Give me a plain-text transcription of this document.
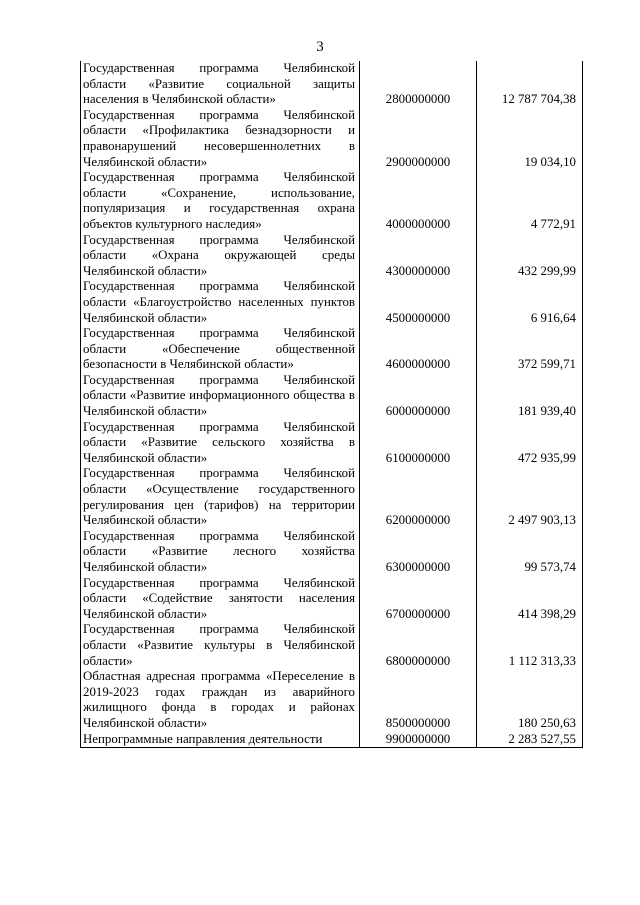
3
Государственная программа Челябинской области «Развитие социальной защиты населения в Челябинской области»	2800000000	12 787 704,38
Государственная программа Челябинской области «Профилактика безнадзорности и правонарушений несовершеннолетних в Челябинской области»	2900000000	19 034,10
Государственная программа Челябинской области «Сохранение, использование, популяризация и государственная охрана объектов культурного наследия»	4000000000	4 772,91
Государственная программа Челябинской области «Охрана окружающей среды Челябинской области»	4300000000	432 299,99
Государственная программа Челябинской области «Благоустройство населенных пунктов Челябинской области»	4500000000	6 916,64
Государственная программа Челябинской области «Обеспечение общественной безопасности в Челябинской области»	4600000000	372 599,71
Государственная программа Челябинской области «Развитие информационного общества в Челябинской области»	6000000000	181 939,40
Государственная программа Челябинской области «Развитие сельского хозяйства в Челябинской области»	6100000000	472 935,99
Государственная программа Челябинской области «Осуществление государственного регулирования цен (тарифов) на территории Челябинской области»	6200000000	2 497 903,13
Государственная программа Челябинской области «Развитие лесного хозяйства Челябинской области»	6300000000	99 573,74
Государственная программа Челябинской области «Содействие занятости населения Челябинской области»	6700000000	414 398,29
Государственная программа Челябинской области «Развитие культуры в Челябинской области»	6800000000	1 112 313,33
Областная адресная программа «Переселение в 2019-2023 годах граждан из аварийного жилищного фонда в городах и районах Челябинской области»	8500000000	180 250,63
Непрограммные направления деятельности	9900000000	2 283 527,55
